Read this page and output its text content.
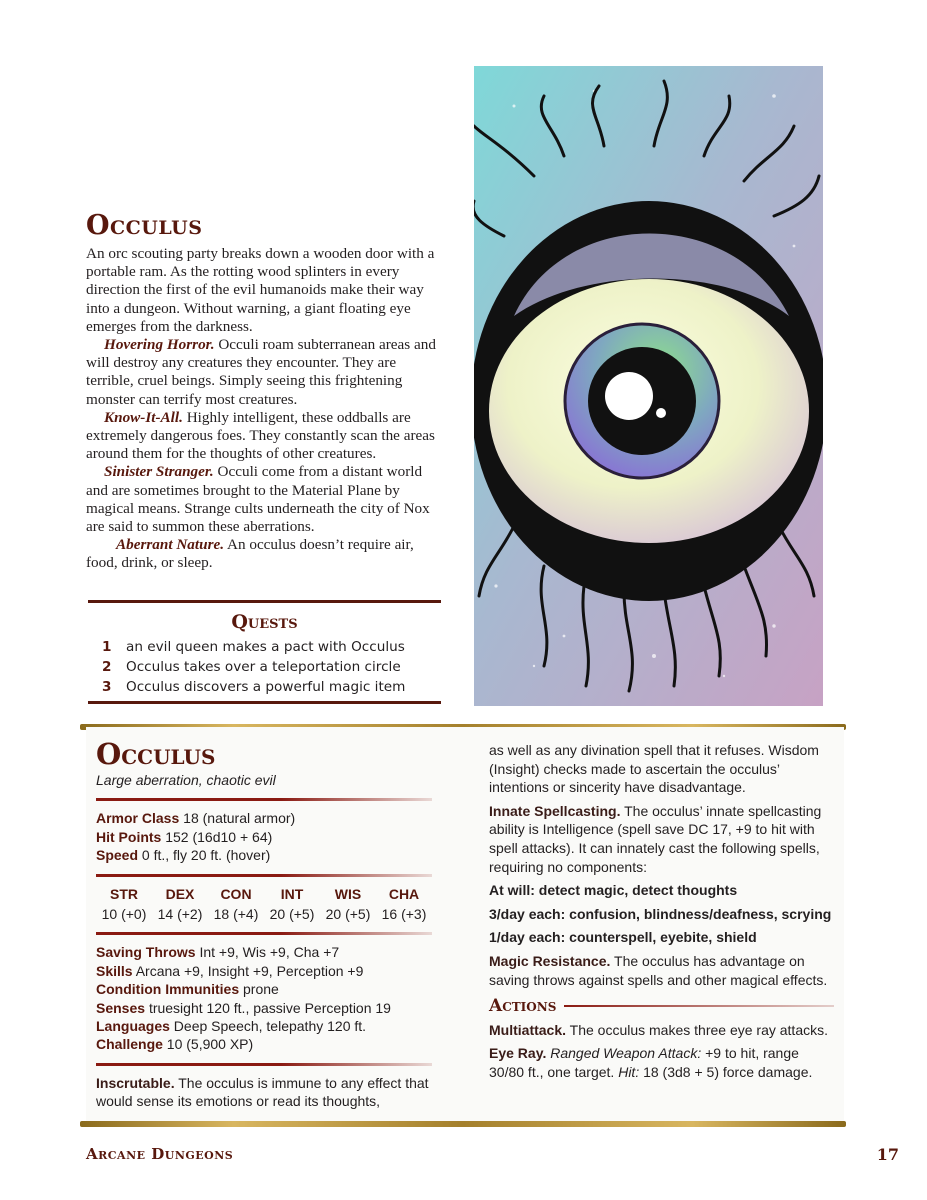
Occulus

An orc scouting party breaks down a wooden door with a portable ram. As the rotting wood splinters in every direction the first of the evil humanoids make their way into a dungeon. Without warning, a giant floating eye emerges from the darkness.

Hovering Horror. Occuli roam subterranean areas and will destroy any creatures they encounter. They are terrible, cruel beings. Simply seeing this frightening monster can terrify most creatures.

Know-It-All. Highly intelligent, these oddballs are extremely dangerous foes. They constantly scan the areas around them for the thoughts of other creatures.

Sinister Stranger. Occuli come from a distant world and are sometimes brought to the Material Plane by magical means. Strange cults underneath the city of Nox are said to summon these aberrations.

Aberrant Nature. An occulus doesn’t require air, food, drink, or sleep.

Quests
1 an evil queen makes a pact with Occulus
2 Occulus takes over a teleportation circle
3 Occulus discovers a powerful magic item
Occulus
Large aberration, chaotic evil

Armor Class 18 (natural armor)

Hit Points 152 (16d10 + 64)

Speed 0 ft., fly 20 ft. (hover)

STR	DEX	CON	INT	WIS	CHA
10 (+0)	14 (+2)	18 (+4)	20 (+5)	20 (+5)	16 (+3)

Saving Throws Int +9, Wis +9, Cha +7

Skills Arcana +9, Insight +9, Perception +9

Condition Immunities prone

Senses truesight 120 ft., passive Perception 19

Languages Deep Speech, telepathy 120 ft.

Challenge 10 (5,900 XP)

Inscrutable. The occulus is immune to any effect that would sense its emotions or read its thoughts,

as well as any divination spell that it refuses. Wisdom (Insight) checks made to ascertain the occulus’ intentions or sincerity have disadvantage.

Innate Spellcasting. The occulus’ innate spellcasting ability is Intelligence (spell save DC 17, +9 to hit with spell attacks). It can innately cast the following spells, requiring no components:

At will: detect magic, detect thoughts

3/day each: confusion, blindness/deafness, scrying

1/day each: counterspell, eyebite, shield

Magic Resistance. The occulus has advantage on saving throws against spells and other magical effects.

Actions

Multiattack. The occulus makes three eye ray attacks.

Eye Ray. Ranged Weapon Attack: +9 to hit, range 30/80 ft., one target. Hit: 18 (3d8 + 5) force damage.

Arcane Dungeons	17
